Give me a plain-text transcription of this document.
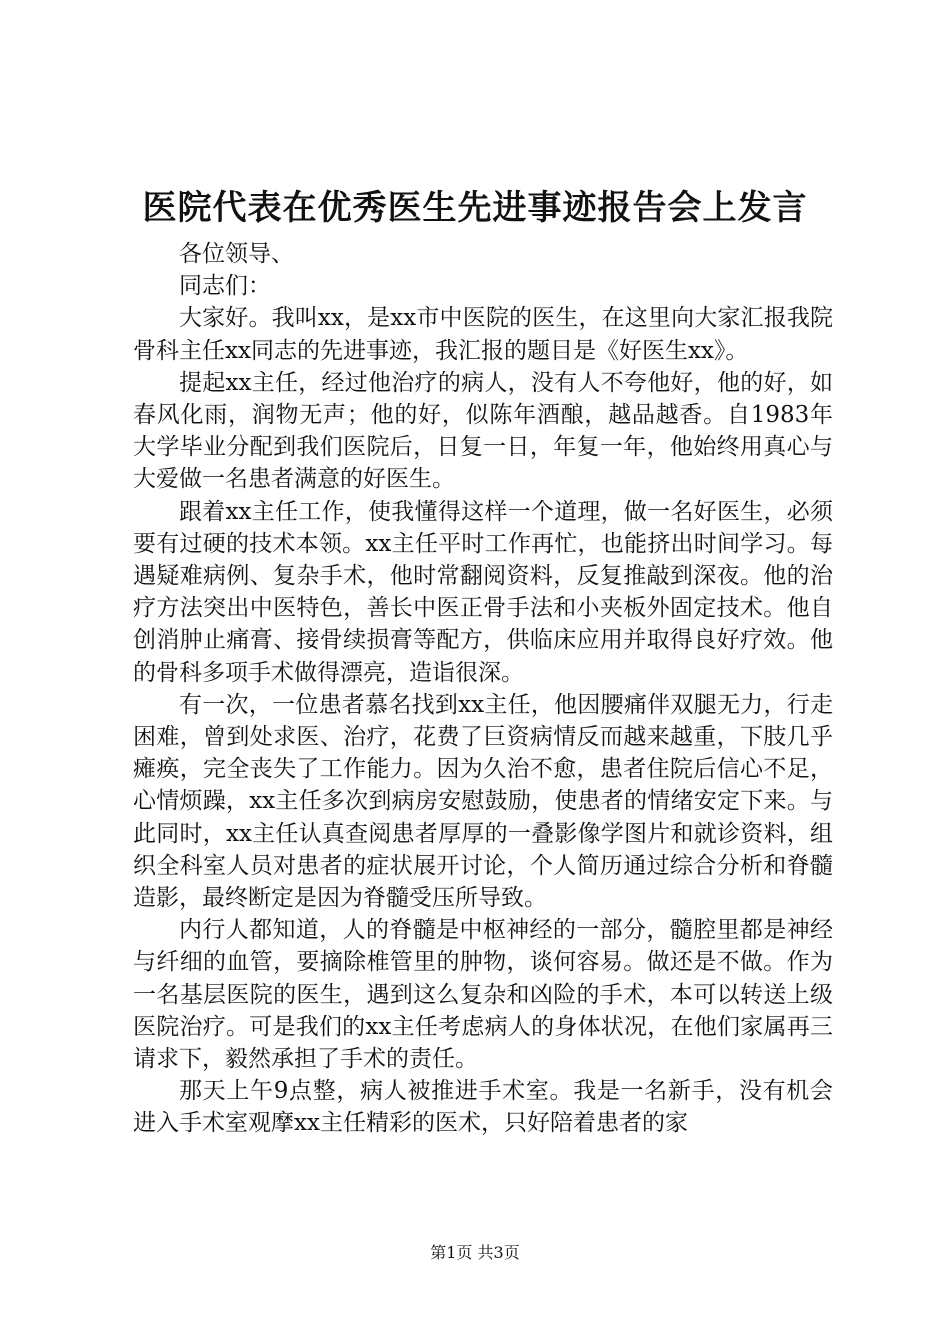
医院代表在优秀医生先进事迹报告会上发言

各位领导、

同志们：

大家好。我叫xx，是xx市中医院的医生，在这里向大家汇报我院骨科主任xx同志的先进事迹，我汇报的题目是《好医生xx》。

提起xx主任，经过他治疗的病人，没有人不夸他好，他的好，如春风化雨，润物无声；他的好，似陈年酒酿，越品越香。自1983年大学毕业分配到我们医院后，日复一日，年复一年，他始终用真心与大爱做一名患者满意的好医生。

跟着xx主任工作，使我懂得这样一个道理，做一名好医生，必须要有过硬的技术本领。xx主任平时工作再忙，也能挤出时间学习。每遇疑难病例、复杂手术，他时常翻阅资料，反复推敲到深夜。他的治疗方法突出中医特色，善长中医正骨手法和小夹板外固定技术。他自创消肿止痛膏、接骨续损膏等配方，供临床应用并取得良好疗效。他的骨科多项手术做得漂亮，造诣很深。

有一次，一位患者慕名找到xx主任，他因腰痛伴双腿无力，行走困难，曾到处求医、治疗，花费了巨资病情反而越来越重，下肢几乎瘫痪，完全丧失了工作能力。因为久治不愈，患者住院后信心不足，心情烦躁，xx主任多次到病房安慰鼓励，使患者的情绪安定下来。与此同时，xx主任认真查阅患者厚厚的一叠影像学图片和就诊资料，组织全科室人员对患者的症状展开讨论，个人简历通过综合分析和脊髓造影，最终断定是因为脊髓受压所导致。

内行人都知道，人的脊髓是中枢神经的一部分，髓腔里都是神经与纤细的血管，要摘除椎管里的肿物，谈何容易。做还是不做。作为一名基层医院的医生，遇到这么复杂和凶险的手术，本可以转送上级医院治疗。可是我们的xx主任考虑病人的身体状况，在他们家属再三请求下，毅然承担了手术的责任。

那天上午9点整，病人被推进手术室。我是一名新手，没有机会进入手术室观摩xx主任精彩的医术，只好陪着患者的家

第1页 共3页
